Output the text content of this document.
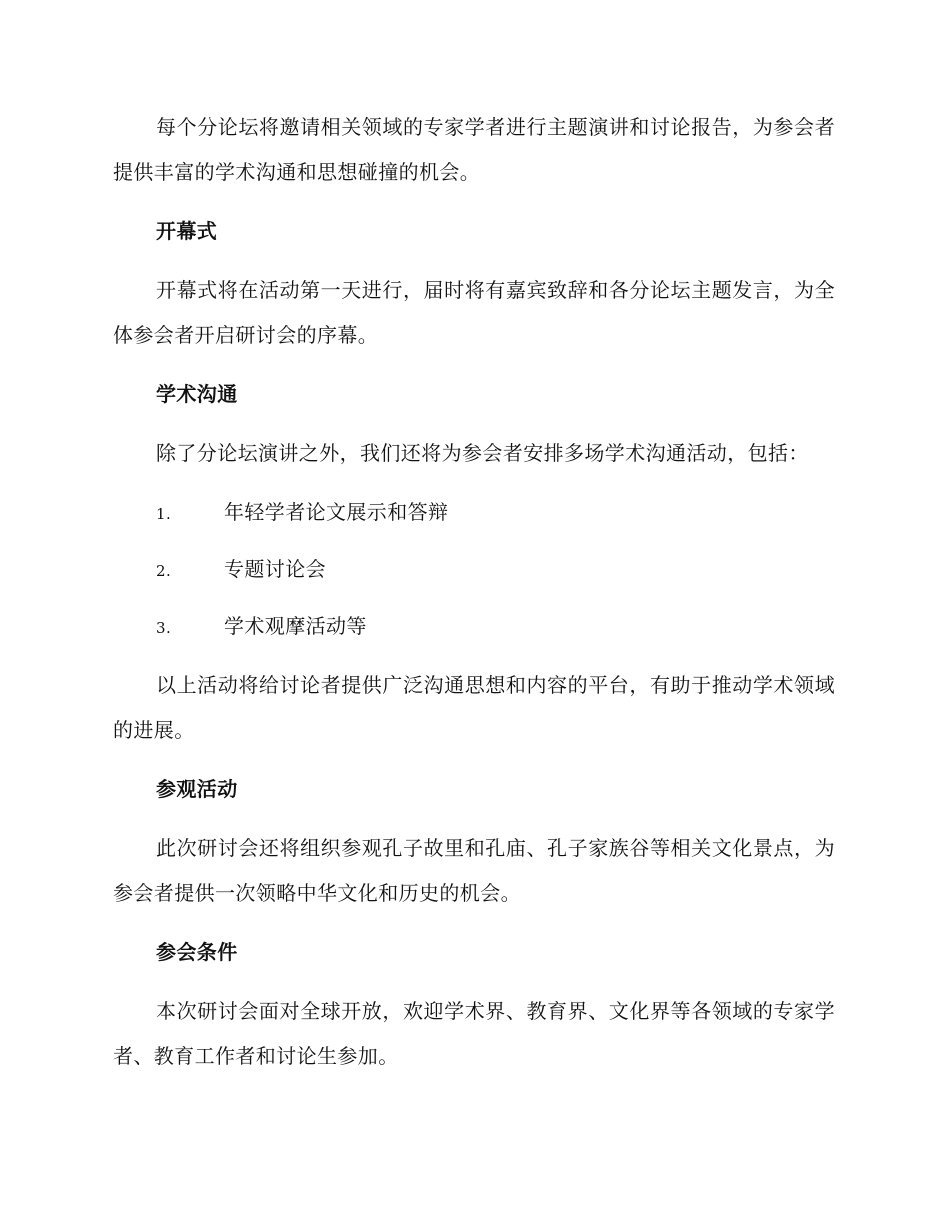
每个分论坛将邀请相关领域的专家学者进行主题演讲和讨论报告，为参会者提供丰富的学术沟通和思想碰撞的机会。

开幕式

开幕式将在活动第一天进行，届时将有嘉宾致辞和各分论坛主题发言，为全体参会者开启研讨会的序幕。

学术沟通

除了分论坛演讲之外，我们还将为参会者安排多场学术沟通活动，包括：

1.	年轻学者论文展示和答辩
2.	专题讨论会
3.	学术观摩活动等

以上活动将给讨论者提供广泛沟通思想和内容的平台，有助于推动学术领域的进展。

参观活动

此次研讨会还将组织参观孔子故里和孔庙、孔子家族谷等相关文化景点，为参会者提供一次领略中华文化和历史的机会。

参会条件

本次研讨会面对全球开放，欢迎学术界、教育界、文化界等各领域的专家学者、教育工作者和讨论生参加。
